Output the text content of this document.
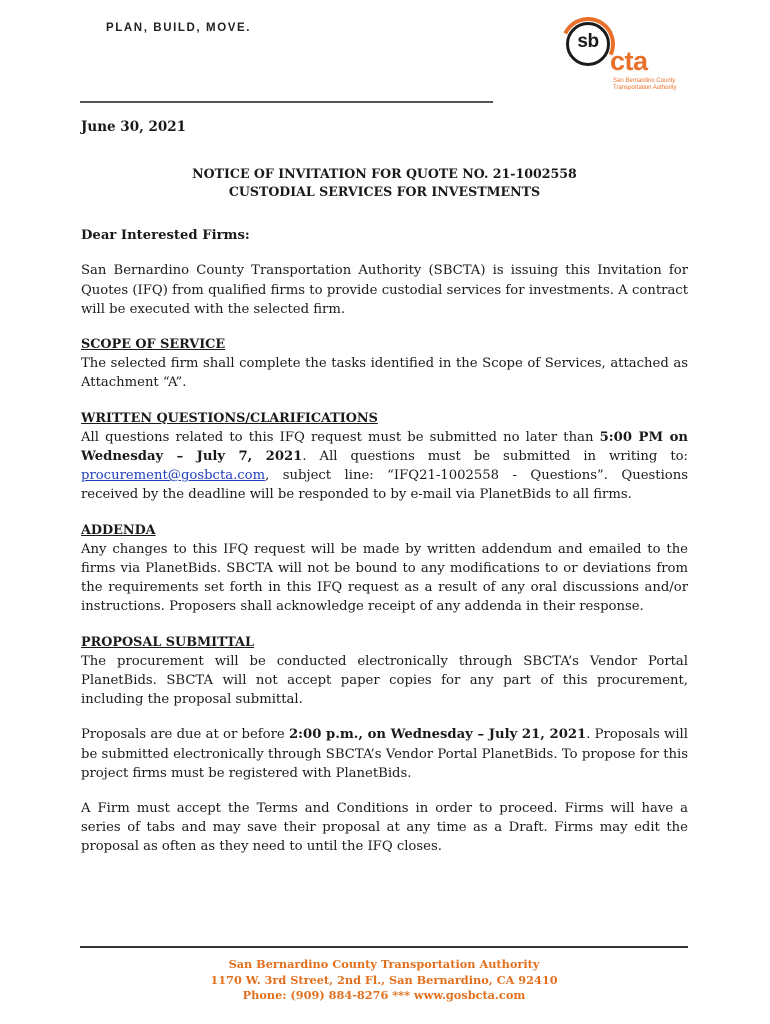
PLAN, BUILD, MOVE.
sb
cta
San Bernardino County
Transportation Authority

June 30, 2021

NOTICE OF INVITATION FOR QUOTE NO. 21-1002558
CUSTODIAL SERVICES FOR INVESTMENTS

Dear Interested Firms:

San Bernardino County Transportation Authority (SBCTA) is issuing this Invitation for Quotes (IFQ) from qualified firms to provide custodial services for investments. A contract will be executed with the selected firm.

SCOPE OF SERVICE

The selected firm shall complete the tasks identified in the Scope of Services, attached as Attachment “A”.

WRITTEN QUESTIONS/CLARIFICATIONS

All questions related to this IFQ request must be submitted no later than 5:00 PM on Wednesday – July 7, 2021. All questions must be submitted in writing to: procurement@gosbcta.com, subject line: “IFQ21-1002558 - Questions”. Questions received by the deadline will be responded to by e-mail via PlanetBids to all firms.

ADDENDA

Any changes to this IFQ request will be made by written addendum and emailed to the firms via PlanetBids. SBCTA will not be bound to any modifications to or deviations from the requirements set forth in this IFQ request as a result of any oral discussions and/or instructions. Proposers shall acknowledge receipt of any addenda in their response.

PROPOSAL SUBMITTAL

The procurement will be conducted electronically through SBCTA’s Vendor Portal PlanetBids. SBCTA will not accept paper copies for any part of this procurement, including the proposal submittal.

Proposals are due at or before 2:00 p.m., on Wednesday – July 21, 2021. Proposals will be submitted electronically through SBCTA’s Vendor Portal PlanetBids. To propose for this project firms must be registered with PlanetBids.

A Firm must accept the Terms and Conditions in order to proceed. Firms will have a series of tabs and may save their proposal at any time as a Draft. Firms may edit the proposal as often as they need to until the IFQ closes.

San Bernardino County Transportation Authority
1170 W. 3rd Street, 2nd Fl., San Bernardino, CA 92410
Phone: (909) 884-8276 *** www.gosbcta.com
